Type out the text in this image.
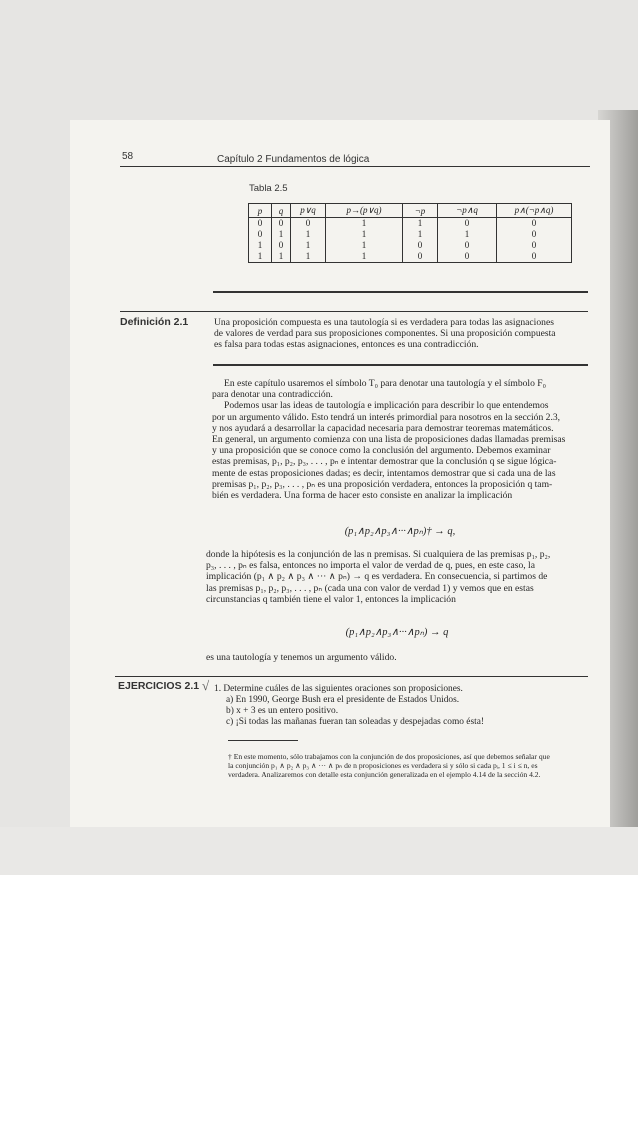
58	Capítulo 2 Fundamentos de lógica
Tabla 2.5
p	q	p∨q	p→(p∨q)	¬p	¬p∧q	p∧(¬p∧q)
0	0	0	1	1	0	0
0	1	1	1	1	1	0
1	0	1	1	0	0	0
1	1	1	1	0	0	0
Definición 2.1	Una proposición compuesta es una tautología si es verdadera para todas las asignaciones
de valores de verdad para sus proposiciones componentes. Si una proposición compuesta
es falsa para todas estas asignaciones, entonces es una contradicción.
En este capítulo usaremos el símbolo T₀ para denotar una tautología y el símbolo F₀
para denotar una contradicción.
Podemos usar las ideas de tautología e implicación para describir lo que entendemos
por un argumento válido. Esto tendrá un interés primordial para nosotros en la sección 2.3,
y nos ayudará a desarrollar la capacidad necesaria para demostrar teoremas matemáticos.
En general, un argumento comienza con una lista de proposiciones dadas llamadas premisas
y una proposición que se conoce como la conclusión del argumento. Debemos examinar
estas premisas, p₁, p₂, p₃, . . . , pₙ e intentar demostrar que la conclusión q se sigue lógica-
mente de estas proposiciones dadas; es decir, intentamos demostrar que si cada una de las
premisas p₁, p₂, p₃, . . . , pₙ es una proposición verdadera, entonces la proposición q tam-
bién es verdadera. Una forma de hacer esto consiste en analizar la implicación
(p₁∧p₂∧p₃∧···∧pₙ)† → q,
donde la hipótesis es la conjunción de las n premisas. Si cualquiera de las premisas p₁, p₂,
p₃, . . . , pₙ es falsa, entonces no importa el valor de verdad de q, pues, en este caso, la
implicación (p₁ ∧ p₂ ∧ p₃ ∧ ··· ∧ pₙ) → q es verdadera. En consecuencia, si partimos de
las premisas p₁, p₂, p₃, . . . , pₙ (cada una con valor de verdad 1) y vemos que en estas
circunstancias q también tiene el valor 1, entonces la implicación
(p₁∧p₂∧p₃∧···∧pₙ) → q
es una tautología y tenemos un argumento válido.
EJERCICIOS 2.1 √ 1. Determine cuáles de las siguientes oraciones son proposiciones.
a) En 1990, George Bush era el presidente de Estados Unidos.
b) x + 3 es un entero positivo.
c) ¡Si todas las mañanas fueran tan soleadas y despejadas como ésta!
† En este momento, sólo trabajamos con la conjunción de dos proposiciones, así que debemos señalar que
la conjunción p₁ ∧ p₂ ∧ p₃ ∧ ··· ∧ pₙ de n proposiciones es verdadera si y sólo si cada pᵢ, 1 ≤ i ≤ n, es
verdadera. Analizaremos con detalle esta conjunción generalizada en el ejemplo 4.14 de la sección 4.2.
